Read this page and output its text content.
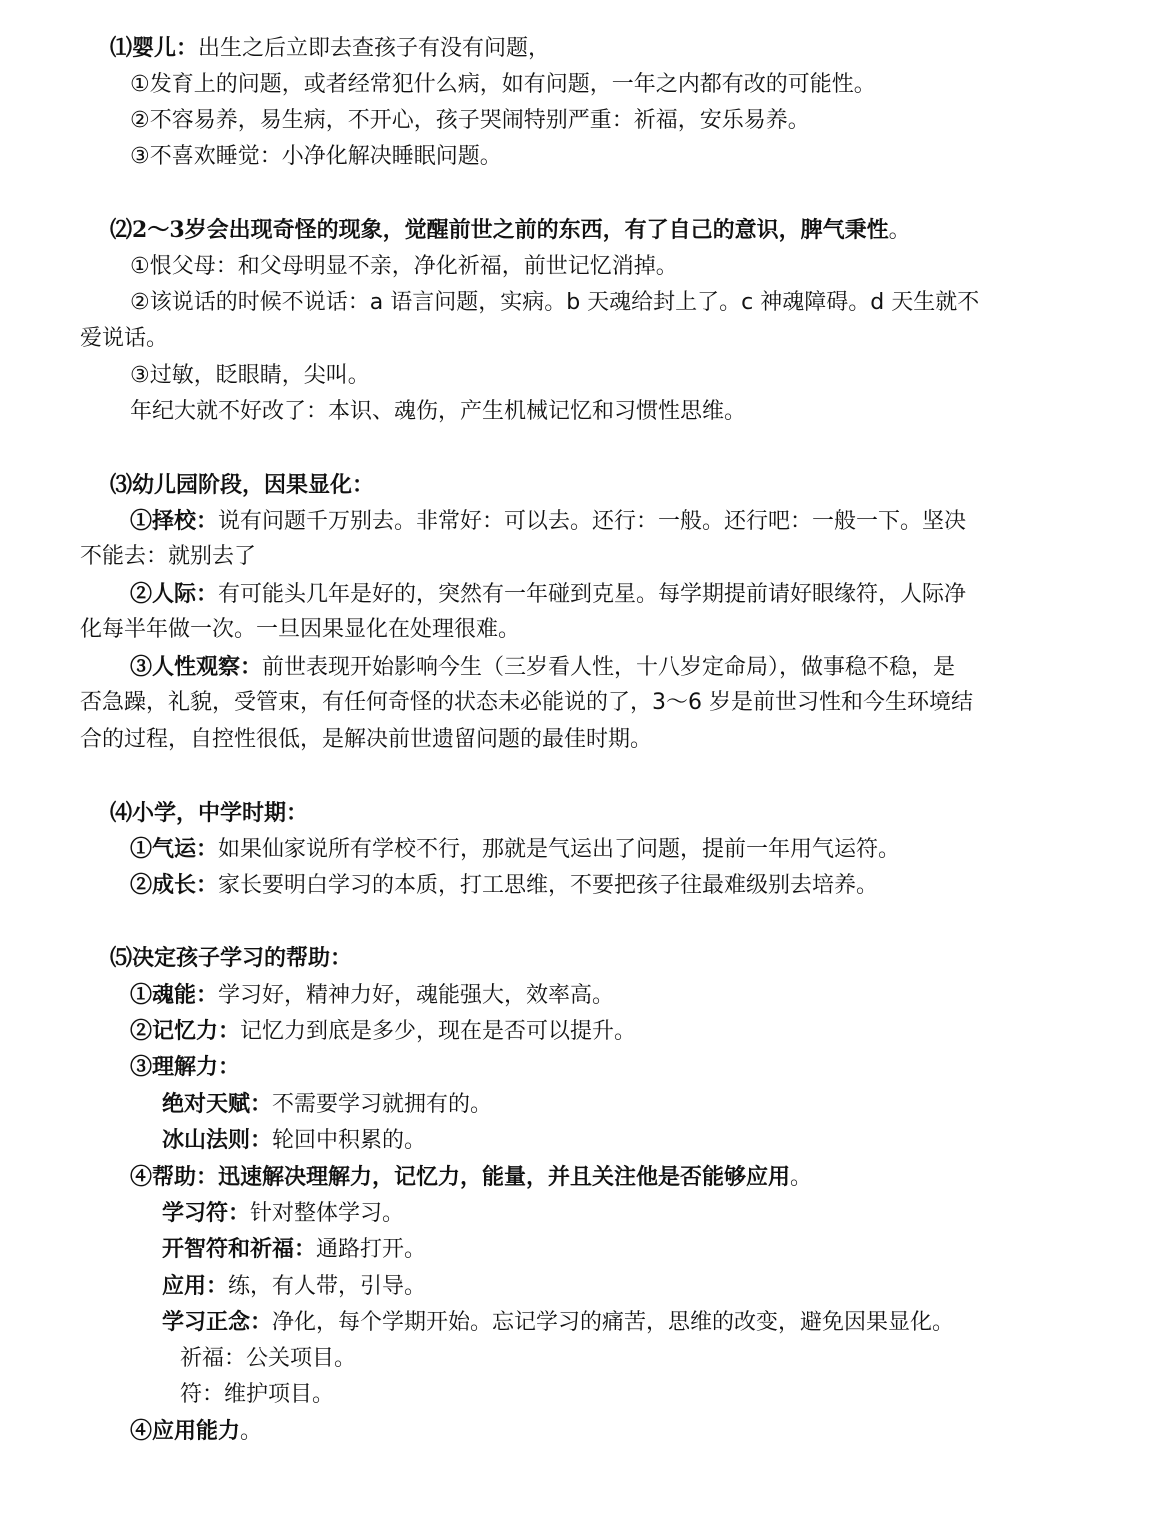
⑴婴儿：出生之后立即去查孩子有没有问题，
①发育上的问题，或者经常犯什么病，如有问题，一年之内都有改的可能性。
②不容易养，易生病，不开心，孩子哭闹特别严重：祈福，安乐易养。
③不喜欢睡觉：小净化解决睡眠问题。
⑵2～3岁会出现奇怪的现象，觉醒前世之前的东西，有了自己的意识，脾气秉性。
①恨父母：和父母明显不亲，净化祈福，前世记忆消掉。
②该说话的时候不说话：a 语言问题，实病。b 天魂给封上了。c 神魂障碍。d 天生就不
爱说话。
③过敏，眨眼睛，尖叫。
年纪大就不好改了：本识、魂伤，产生机械记忆和习惯性思维。
⑶幼儿园阶段，因果显化：
①择校：说有问题千万别去。非常好：可以去。还行：一般。还行吧：一般一下。坚决
不能去：就别去了
②人际：有可能头几年是好的，突然有一年碰到克星。每学期提前请好眼缘符，人际净
化每半年做一次。一旦因果显化在处理很难。
③人性观察：前世表现开始影响今生（三岁看人性，十八岁定命局），做事稳不稳，是
否急躁，礼貌，受管束，有任何奇怪的状态未必能说的了，3～6 岁是前世习性和今生环境结
合的过程，自控性很低，是解决前世遗留问题的最佳时期。
⑷小学，中学时期：
①气运：如果仙家说所有学校不行，那就是气运出了问题，提前一年用气运符。
②成长：家长要明白学习的本质，打工思维，不要把孩子往最难级别去培养。
⑸决定孩子学习的帮助：
①魂能：学习好，精神力好，魂能强大，效率高。
②记忆力：记忆力到底是多少，现在是否可以提升。
③理解力：
绝对天赋：不需要学习就拥有的。
冰山法则：轮回中积累的。
④帮助：迅速解决理解力，记忆力，能量，并且关注他是否能够应用。
学习符：针对整体学习。
开智符和祈福：通路打开。
应用：练，有人带，引导。
学习正念：净化，每个学期开始。忘记学习的痛苦，思维的改变，避免因果显化。
祈福：公关项目。
符：维护项目。
④应用能力。
